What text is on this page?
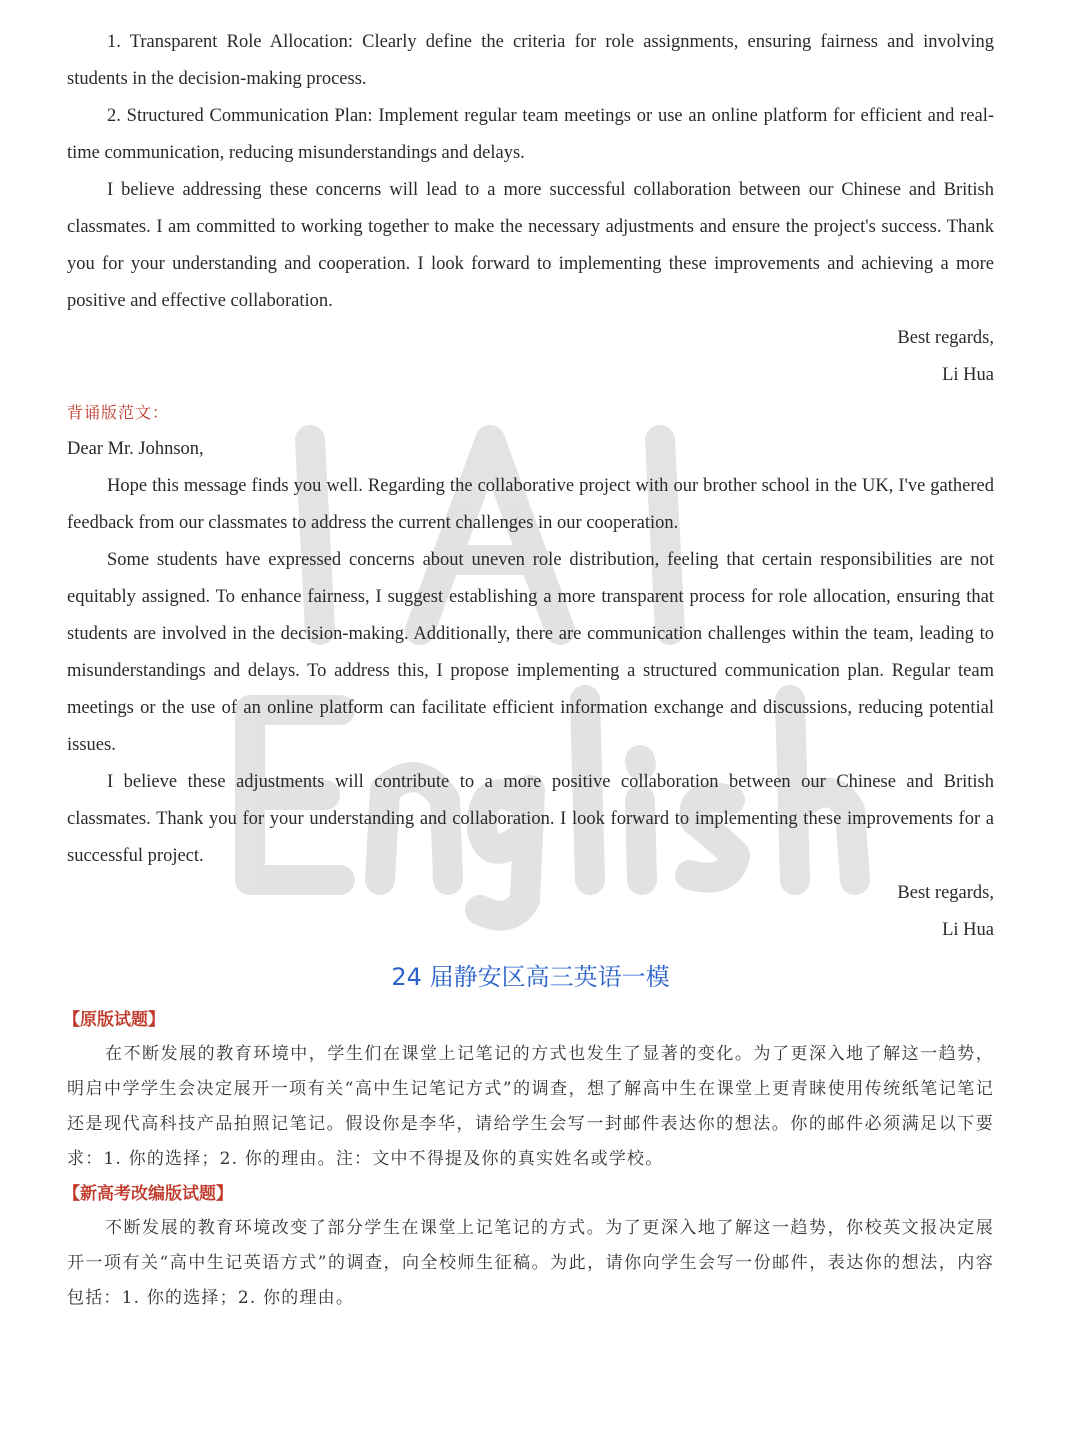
1. Transparent Role Allocation: Clearly define the criteria for role assignments, ensuring fairness and involving students in the decision-making process.

2. Structured Communication Plan: Implement regular team meetings or use an online platform for efficient and real-time communication, reducing misunderstandings and delays.

I believe addressing these concerns will lead to a more successful collaboration between our Chinese and British classmates. I am committed to working together to make the necessary adjustments and ensure the project's success. Thank you for your understanding and cooperation. I look forward to implementing these improvements and achieving a more positive and effective collaboration.

Best regards,

Li Hua

背诵版范文：

Dear Mr. Johnson,

Hope this message finds you well. Regarding the collaborative project with our brother school in the UK, I've gathered feedback from our classmates to address the current challenges in our cooperation.

Some students have expressed concerns about uneven role distribution, feeling that certain responsibilities are not equitably assigned. To enhance fairness, I suggest establishing a more transparent process for role allocation, ensuring that students are involved in the decision-making. Additionally, there are communication challenges within the team, leading to misunderstandings and delays. To address this, I propose implementing a structured communication plan. Regular team meetings or the use of an online platform can facilitate efficient information exchange and discussions, reducing potential issues.

I believe these adjustments will contribute to a more positive collaboration between our Chinese and British classmates. Thank you for your understanding and collaboration. I look forward to implementing these improvements for a successful project.

Best regards,

Li Hua

24 届静安区高三英语一模
【原版试题】

在不断发展的教育环境中，学生们在课堂上记笔记的方式也发生了显著的变化。为了更深入地了解这一趋势，明启中学学生会决定展开一项有关“高中生记笔记方式”的调查，想了解高中生在课堂上更青睐使用传统纸笔记笔记还是现代高科技产品拍照记笔记。假设你是李华，请给学生会写一封邮件表达你的想法。你的邮件必须满足以下要求：1. 你的选择；2. 你的理由。注：文中不得提及你的真实姓名或学校。

【新高考改编版试题】

不断发展的教育环境改变了部分学生在课堂上记笔记的方式。为了更深入地了解这一趋势，你校英文报决定展开一项有关“高中生记英语方式”的调查，向全校师生征稿。为此，请你向学生会写一份邮件，表达你的想法，内容包括：1. 你的选择；2. 你的理由。
